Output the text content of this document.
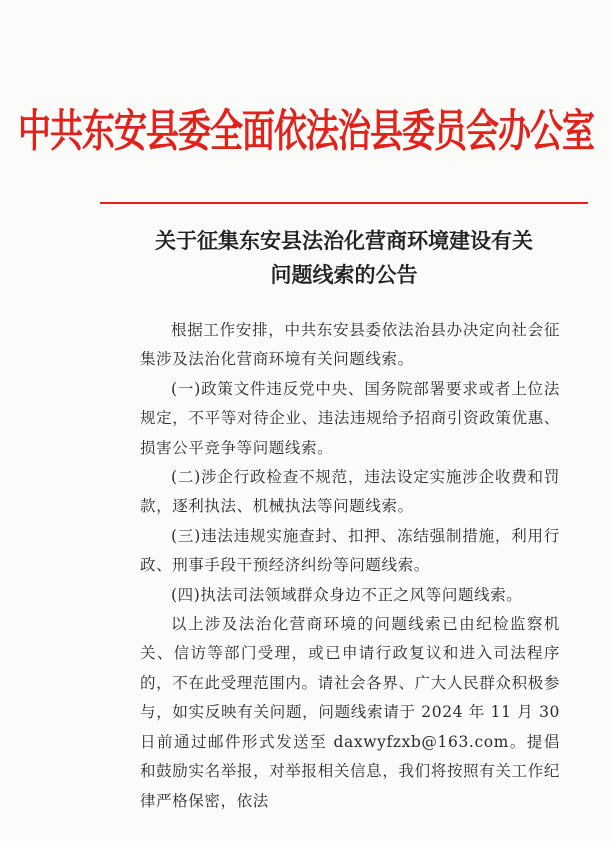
中共东安县委全面依法治县委员会办公室
关于征集东安县法治化营商环境建设有关
问题线索的公告

根据工作安排，中共东安县委依法治县办决定向社会征集涉及法治化营商环境有关问题线索。

(一)政策文件违反党中央、国务院部署要求或者上位法规定，不平等对待企业、违法违规给予招商引资政策优惠、损害公平竞争等问题线索。

(二)涉企行政检查不规范，违法设定实施涉企收费和罚款，逐利执法、机械执法等问题线索。

(三)违法违规实施查封、扣押、冻结强制措施，利用行政、刑事手段干预经济纠纷等问题线索。

(四)执法司法领域群众身边不正之风等问题线索。

以上涉及法治化营商环境的问题线索已由纪检监察机关、信访等部门受理，或已申请行政复议和进入司法程序的，不在此受理范围内。请社会各界、广大人民群众积极参与，如实反映有关问题，问题线索请于 2024 年 11 月 30 日前通过邮件形式发送至 daxwyfzxb@163.com。提倡和鼓励实名举报，对举报相关信息，我们将按照有关工作纪律严格保密，依法
